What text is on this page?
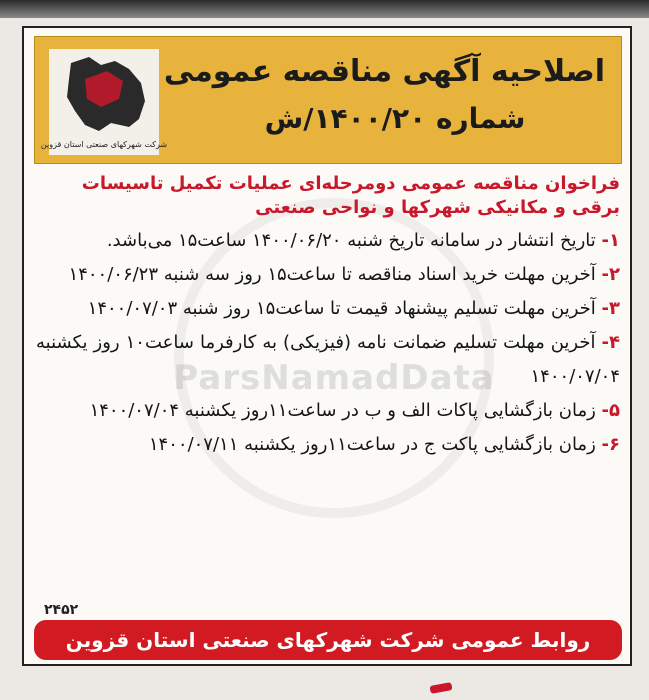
شرکت شهرکهای صنعتی استان قزوین
اصلاحیه آگهی مناقصه عمومی
شماره ۱۴۰۰/۲۰/ش
فراخوان مناقصه عمومی دومرحله‌ای عملیات تکمیل تاسیسات برقی و مکانیکی شهرکها و نواحی صنعتی

۱- تاریخ انتشار در سامانه تاریخ شنبه ۱۴۰۰/۰۶/۲۰ ساعت۱۵ می‌باشد.

۲- آخرین مهلت خرید اسناد مناقصه تا ساعت۱۵ روز سه شنبه ۱۴۰۰/۰۶/۲۳

۳- آخرین مهلت تسلیم پیشنهاد قیمت تا ساعت۱۵ روز شنبه ۱۴۰۰/۰۷/۰۳

۴- آخرین مهلت تسلیم ضمانت نامه (فیزیکی) به کارفرما ساعت۱۰ روز یکشنبه ۱۴۰۰/۰۷/۰۴

۵- زمان بازگشایی پاکات الف و ب در ساعت۱۱روز یکشنبه ۱۴۰۰/۰۷/۰۴

۶- زمان بازگشایی پاکت ج در ساعت۱۱روز یکشنبه ۱۴۰۰/۰۷/۱۱

ParsNamadData
۲۴۵۲
روابط عمومی شرکت شهرکهای صنعتی استان قزوین
